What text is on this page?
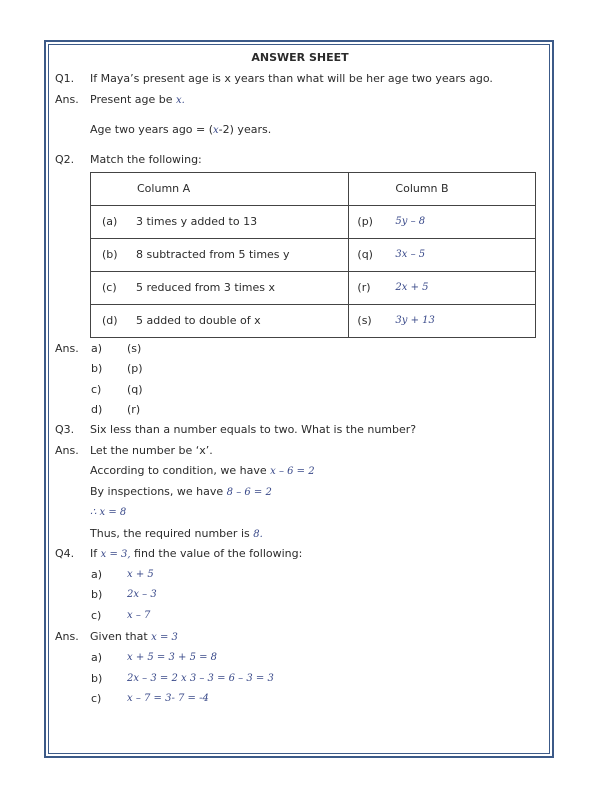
ANSWER SHEET
Q1. If Maya’s present age is x years than what will be her age two years ago.
Ans. Present age be x.
Age two years ago = (x-2) years.
Q2. Match the following:
Column A	Column B

(a) 3 times y added to 13	(p) 5y – 8

(b) 8 subtracted from 5 times y	(q) 3x – 5

(c) 5 reduced from 3 times x	(r) 2x + 5

(d) 5 added to double of x	(s) 3y + 13
Ans. a) (s)
b) (p)
c) (q)
d) (r)
Q3. Six less than a number equals to two. What is the number?
Ans. Let the number be ‘x’.
According to condition, we have x – 6 = 2
By inspections, we have 8 – 6 = 2
∴ x = 8
Thus, the required number is 8.
Q4. If x = 3, find the value of the following:
a) x + 5
b) 2x – 3
c)	x – 7
Ans. Given that x = 3
a) x + 5 = 3 + 5 = 8
b) 2x – 3 = 2 x 3 – 3 = 6 – 3 = 3
c)	x – 7 = 3- 7 = -4
